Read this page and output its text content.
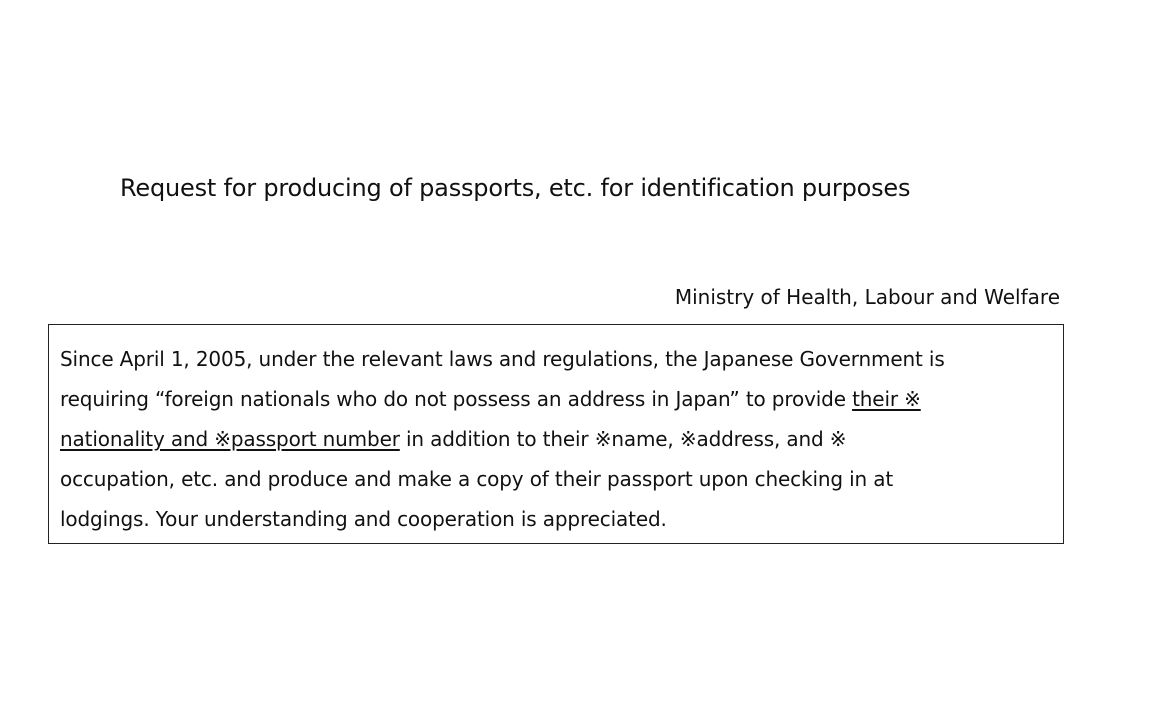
Request for producing of passports, etc. for identification purposes
Ministry of Health, Labour and Welfare
Since April 1, 2005, under the relevant laws and regulations, the Japanese Government is
requiring “foreign nationals who do not possess an address in Japan” to provide their ※
nationality and ※passport number in addition to their ※name, ※address, and ※
occupation, etc. and produce and make a copy of their passport upon checking in at
lodgings. Your understanding and cooperation is appreciated.
